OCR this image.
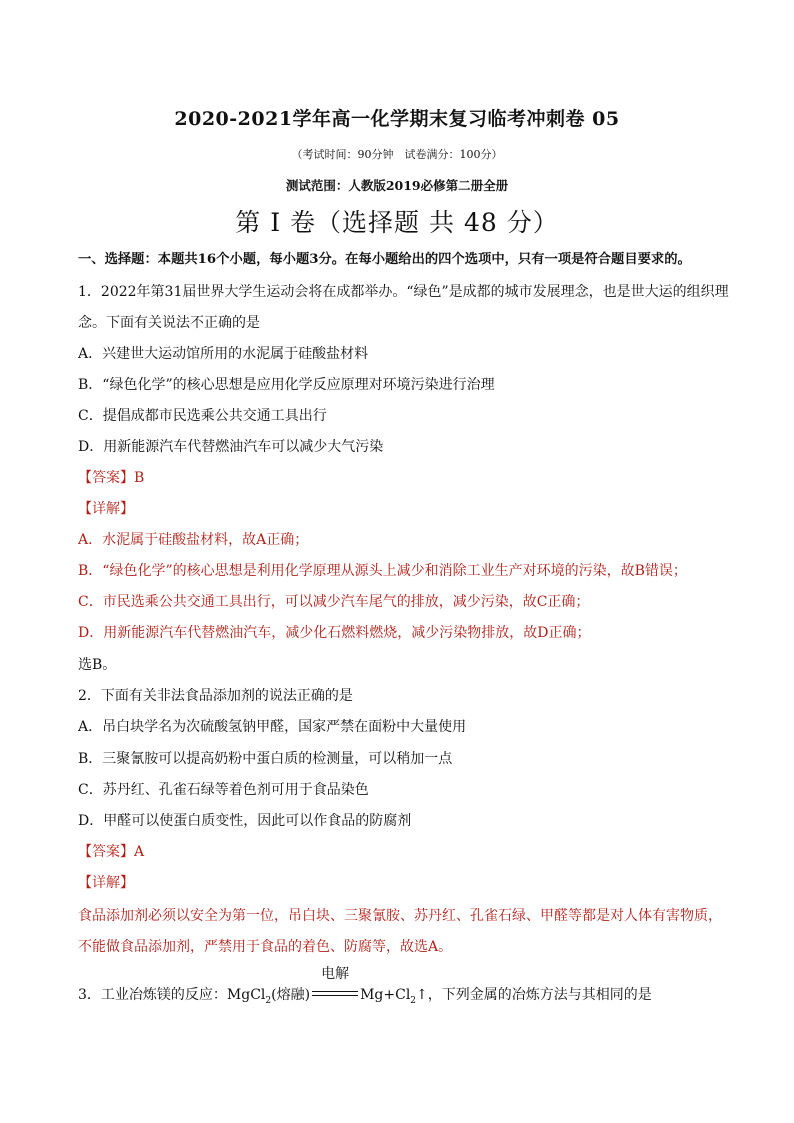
2020-2021学年高一化学期末复习临考冲刺卷 05
（考试时间：90分钟　试卷满分：100分）
测试范围：人教版2019必修第二册全册
第 I 卷（选择题 共 48 分）
一、选择题：本题共16个小题，每小题3分。在每小题给出的四个选项中，只有一项是符合题目要求的。
1．2022年第31届世界大学生运动会将在成都举办。“绿色”是成都的城市发展理念，也是世大运的组织理
念。下面有关说法不正确的是
A．兴建世大运动馆所用的水泥属于硅酸盐材料
B．“绿色化学”的核心思想是应用化学反应原理对环境污染进行治理
C．提倡成都市民选乘公共交通工具出行
D．用新能源汽车代替燃油汽车可以减少大气污染
【答案】B
【详解】
A．水泥属于硅酸盐材料，故A正确；
B．“绿色化学”的核心思想是利用化学原理从源头上减少和消除工业生产对环境的污染，故B错误；
C．市民选乘公共交通工具出行，可以减少汽车尾气的排放，减少污染，故C正确；
D．用新能源汽车代替燃油汽车，减少化石燃料燃烧，减少污染物排放，故D正确；
选B。
2．下面有关非法食品添加剂的说法正确的是
A．吊白块学名为次硫酸氢钠甲醛，国家严禁在面粉中大量使用
B．三聚氰胺可以提高奶粉中蛋白质的检测量，可以稍加一点
C．苏丹红、孔雀石绿等着色剂可用于食品染色
D．甲醛可以使蛋白质变性，因此可以作食品的防腐剂
【答案】A
【详解】
食品添加剂必须以安全为第一位，吊白块、三聚氰胺、苏丹红、孔雀石绿、甲醛等都是对人体有害物质，
不能做食品添加剂，严禁用于食品的着色、防腐等，故选A。
3．工业冶炼镁的反应：MgCl$_2$(熔融)
电解
$Mg+Cl_2↑$，下列金属的冶炼方法与其相同的是
